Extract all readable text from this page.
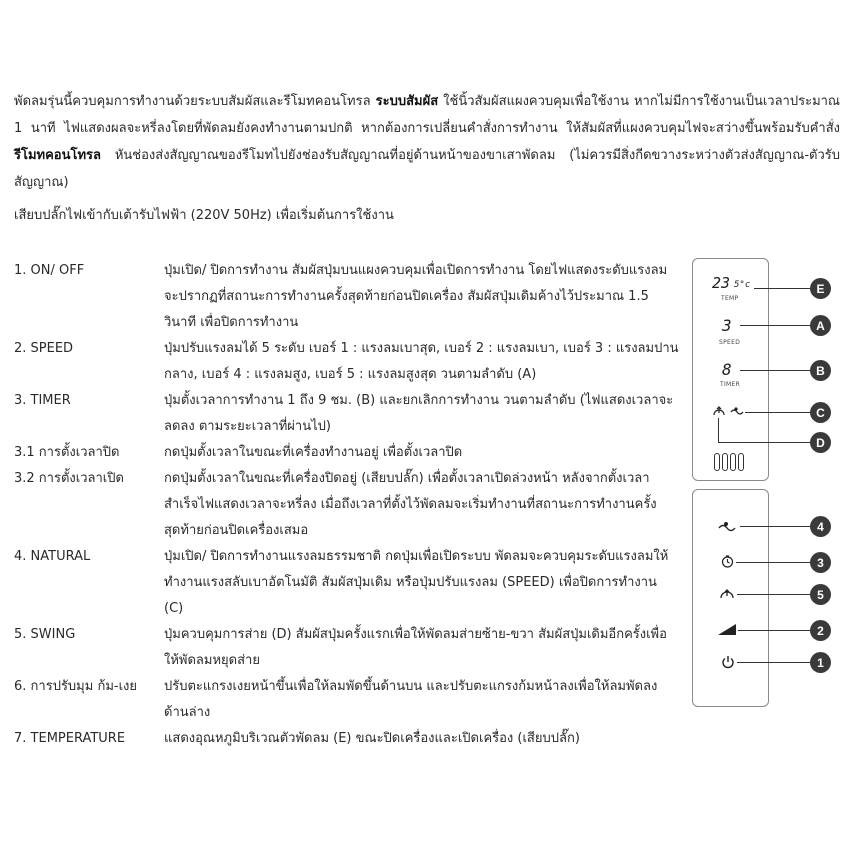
พัดลมรุ่นนี้ควบคุมการทำงานด้วยระบบสัมผัสและรีโมทคอนโทรล ระบบสัมผัส ใช้นิ้วสัมผัสแผงควบคุมเพื่อใช้งาน หากไม่มีการใช้งานเป็นเวลาประมาณ 1 นาที ไฟแสดงผลจะหรี่ลงโดยที่พัดลมยังคงทำงานตามปกติ หากต้องการเปลี่ยนคำสั่งการทำงาน ให้สัมผัสที่แผงควบคุมไฟจะสว่างขึ้นพร้อมรับคำสั่ง รีโมทคอนโทรล หันช่องส่งสัญญาณของรีโมทไปยังช่องรับสัญญาณที่อยู่ด้านหน้าของขาเสาพัดลม (ไม่ควรมีสิ่งกีดขวางระหว่างตัวส่งสัญญาณ-ตัวรับสัญญาณ)
เสียบปลั๊กไฟเข้ากับเต้ารับไฟฟ้า (220V 50Hz) เพื่อเริ่มต้นการใช้งาน
1. ON/ OFF	ปุ่มเปิด/ ปิดการทำงาน สัมผัสปุ่มบนแผงควบคุมเพื่อเปิดการทำงาน โดยไฟแสดงระดับแรงลมจะปรากฏที่สถานะการทำงานครั้งสุดท้ายก่อนปิดเครื่อง สัมผัสปุ่มเดิมค้างไว้ประมาณ 1.5 วินาที เพื่อปิดการทำงาน
2. SPEED	ปุ่มปรับแรงลมได้ 5 ระดับ เบอร์ 1 : แรงลมเบาสุด, เบอร์ 2 : แรงลมเบา, เบอร์ 3 : แรงลมปานกลาง, เบอร์ 4 : แรงลมสูง, เบอร์ 5 : แรงลมสูงสุด วนตามลำดับ (A)
3. TIMER	ปุ่มตั้งเวลาการทำงาน 1 ถึง 9 ชม. (B) และยกเลิกการทำงาน วนตามลำดับ (ไฟแสดงเวลาจะลดลง ตามระยะเวลาที่ผ่านไป)
3.1 การตั้งเวลาปิด	กดปุ่มตั้งเวลาในขณะที่เครื่องทำงานอยู่ เพื่อตั้งเวลาปิด
3.2 การตั้งเวลาเปิด	กดปุ่มตั้งเวลาในขณะที่เครื่องปิดอยู่ (เสียบปลั๊ก) เพื่อตั้งเวลาเปิดล่วงหน้า หลังจากตั้งเวลาสำเร็จไฟแสดงเวลาจะหรี่ลง เมื่อถึงเวลาที่ตั้งไว้พัดลมจะเริ่มทำงานที่สถานะการทำงานครั้งสุดท้ายก่อนปิดเครื่องเสมอ
4. NATURAL	ปุ่มเปิด/ ปิดการทำงานแรงลมธรรมชาติ กดปุ่มเพื่อเปิดระบบ พัดลมจะควบคุมระดับแรงลมให้ทำงานแรงสลับเบาอัตโนมัติ สัมผัสปุ่มเดิม หรือปุ่มปรับแรงลม (SPEED) เพื่อปิดการทำงาน (C)
5. SWING	ปุ่มควบคุมการส่าย (D) สัมผัสปุ่มครั้งแรกเพื่อให้พัดลมส่ายซ้าย-ขวา สัมผัสปุ่มเดิมอีกครั้งเพื่อให้พัดลมหยุดส่าย
6. การปรับมุม ก้ม-เงย	ปรับตะแกรงเงยหน้าขึ้นเพื่อให้ลมพัดขึ้นด้านบน และปรับตะแกรงก้มหน้าลงเพื่อให้ลมพัดลงด้านล่าง
7. TEMPERATURE	แสดงอุณหภูมิบริเวณตัวพัดลม (E) ขณะปิดเครื่องและเปิดเครื่อง (เสียบปลั๊ก)
23 5°c
TEMP
3
SPEED
8
TIMER
E
A
B
C
D
4
3
5
2
1
